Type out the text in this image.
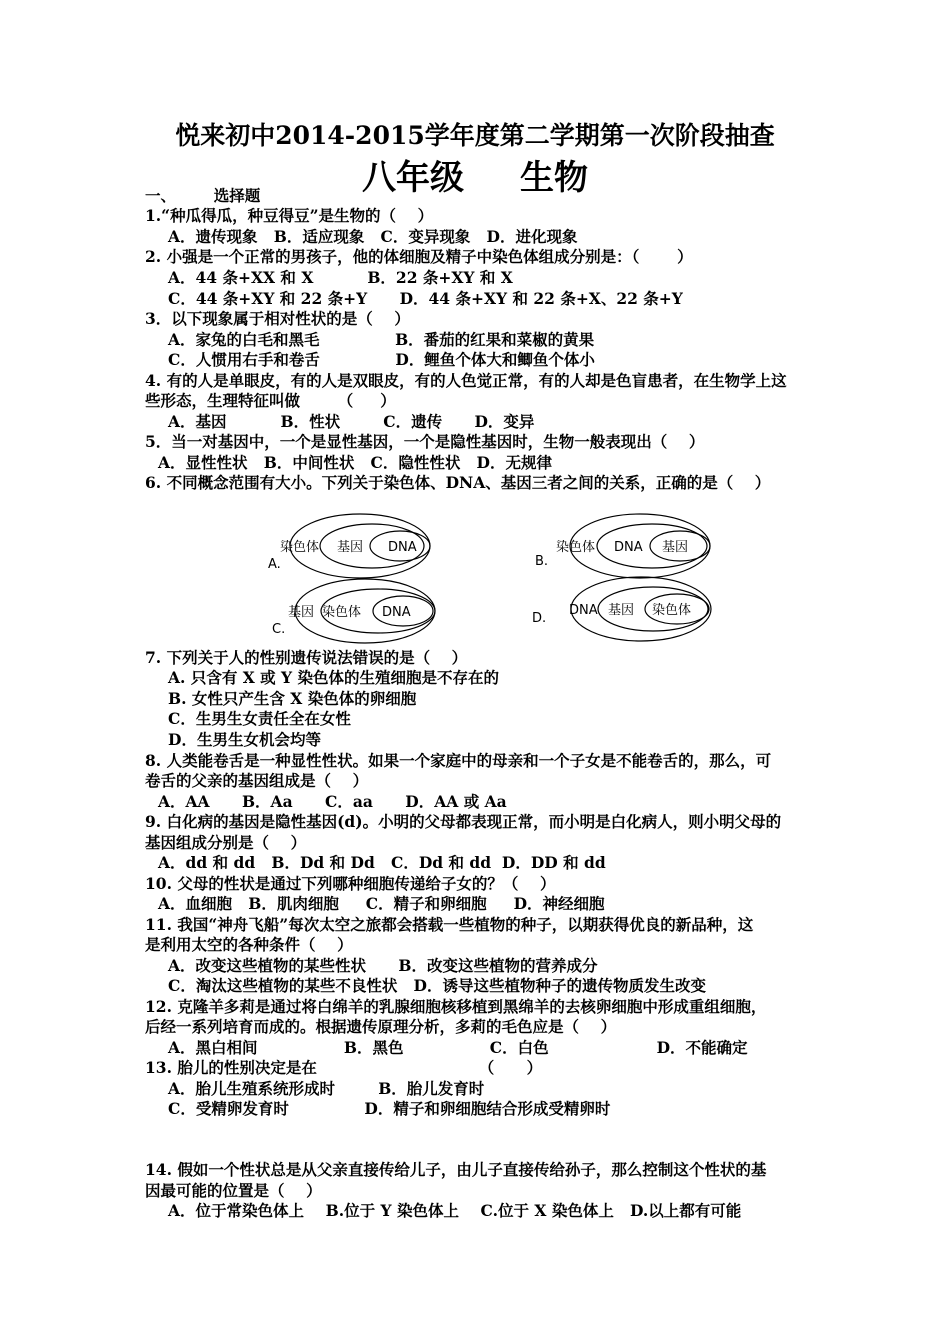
悦来初中2014-2015学年度第二学期第一次阶段抽查
八年级 生物
一、       选择题
1.“种瓜得瓜，种豆得豆”是生物的（    ）
A．遗传现象   B．适应现象   C．变异现象   D．进化现象
2. 小强是一个正常的男孩子，他的体细胞及精子中染色体组成分别是：（       ）
A．44 条+XX 和 X          B．22 条+XY 和 X
C．44 条+XY 和 22 条+Y      D．44 条+XY 和 22 条+X、22 条+Y
3．以下现象属于相对性状的是（    ）
A．家兔的白毛和黑毛              B．番茄的红果和菜椒的黄果
C．人惯用右手和卷舌              D．鲤鱼个体大和鲫鱼个体小
4. 有的人是单眼皮，有的人是双眼皮，有的人色觉正常，有的人却是色盲患者，在生物学上这
些形态，生理特征叫做       （     ）
A．基因          B．性状        C．遗传      D．变异
5．当一对基因中，一个是显性基因，一个是隐性基因时，生物一般表现出（    ）
A．显性性状   B．中间性状   C．隐性性状   D．无规律
6. 不同概念范围有大小。下列关于染色体、DNA、基因三者之间的关系，正确的是（    ）
A.
染色体 基因 DNA
B.
染色体 DNA 基因
C.
基因 染色体 DNA	D.
DNA 基因 染色体
7. 下列关于人的性别遗传说法错误的是（    ）
A. 只含有 X 或 Y 染色体的生殖细胞是不存在的
B. 女性只产生含 X 染色体的卵细胞
C．生男生女责任全在女性
D．生男生女机会均等
8. 人类能卷舌是一种显性性状。如果一个家庭中的母亲和一个子女是不能卷舌的，那么，可
卷舌的父亲的基因组成是（    ）
A．AA      B．Aa      C．aa      D．AA 或 Aa
9. 白化病的基因是隐性基因(d)。小明的父母都表现正常，而小明是白化病人，则小明父母的
基因组成分别是（    ）
A．dd 和 dd   B．Dd 和 Dd   C．Dd 和 dd  D．DD 和 dd
10. 父母的性状是通过下列哪种细胞传递给子女的？（    ）
A．血细胞   B．肌肉细胞     C．精子和卵细胞     D．神经细胞
11. 我国“神舟飞船”每次太空之旅都会搭载一些植物的种子，以期获得优良的新品种，这
是利用太空的各种条件（    ）
A．改变这些植物的某些性状      B．改变这些植物的营养成分
C．淘汰这些植物的某些不良性状   D．诱导这些植物种子的遗传物质发生改变
12. 克隆羊多莉是通过将白绵羊的乳腺细胞核移植到黑绵羊的去核卵细胞中形成重组细胞，
后经一系列培育而成的。根据遗传原理分析，多莉的毛色应是（    ）
A．黑白相间                B．黑色                C．白色                    D．不能确定
13. 胎儿的性别决定是在                              （      ）
A．胎儿生殖系统形成时        B．胎儿发育时
C．受精卵发育时              D．精子和卵细胞结合形成受精卵时
14. 假如一个性状总是从父亲直接传给儿子，由儿子直接传给孙子，那么控制这个性状的基
因最可能的位置是（    ）
A．位于常染色体上    B.位于 Y 染色体上    C.位于 X 染色体上   D.以上都有可能
